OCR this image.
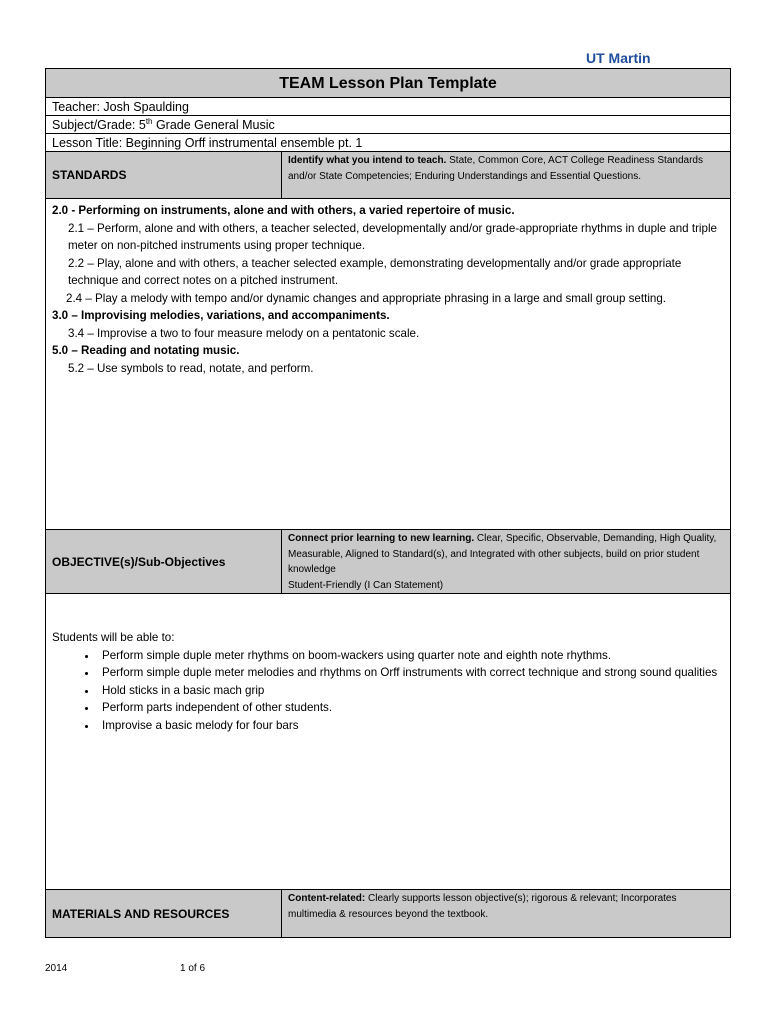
UT Martin
TEAM Lesson Plan Template
Teacher: Josh Spaulding
Subject/Grade: 5th Grade General Music
Lesson Title: Beginning Orff instrumental ensemble pt. 1
STANDARDS
Identify what you intend to teach. State, Common Core, ACT College Readiness Standards and/or State Competencies; Enduring Understandings and Essential Questions.
2.0 - Performing on instruments, alone and with others, a varied repertoire of music.
2.1 – Perform, alone and with others, a teacher selected, developmentally and/or grade-appropriate rhythms in duple and triple meter on non-pitched instruments using proper technique.
2.2 – Play, alone and with others, a teacher selected example, demonstrating developmentally and/or grade appropriate technique and correct notes on a pitched instrument.
2.4 – Play a melody with tempo and/or dynamic changes and appropriate phrasing in a large and small group setting.
3.0 – Improvising melodies, variations, and accompaniments.
3.4 – Improvise a two to four measure melody on a pentatonic scale.
5.0 – Reading and notating music.
5.2 – Use symbols to read, notate, and perform.
OBJECTIVE(s)/Sub-Objectives
Connect prior learning to new learning. Clear, Specific, Observable, Demanding, High Quality, Measurable, Aligned to Standard(s), and Integrated with other subjects, build on prior student knowledge
Student-Friendly (I Can Statement)
Students will be able to:
• Perform simple duple meter rhythms on boom-wackers using quarter note and eighth note rhythms.
• Perform simple duple meter melodies and rhythms on Orff instruments with correct technique and strong sound qualities
• Hold sticks in a basic mach grip
• Perform parts independent of other students.
• Improvise a basic melody for four bars
MATERIALS AND RESOURCES
Content-related: Clearly supports lesson objective(s); rigorous & relevant; Incorporates multimedia & resources beyond the textbook.
2014	1 of 6
